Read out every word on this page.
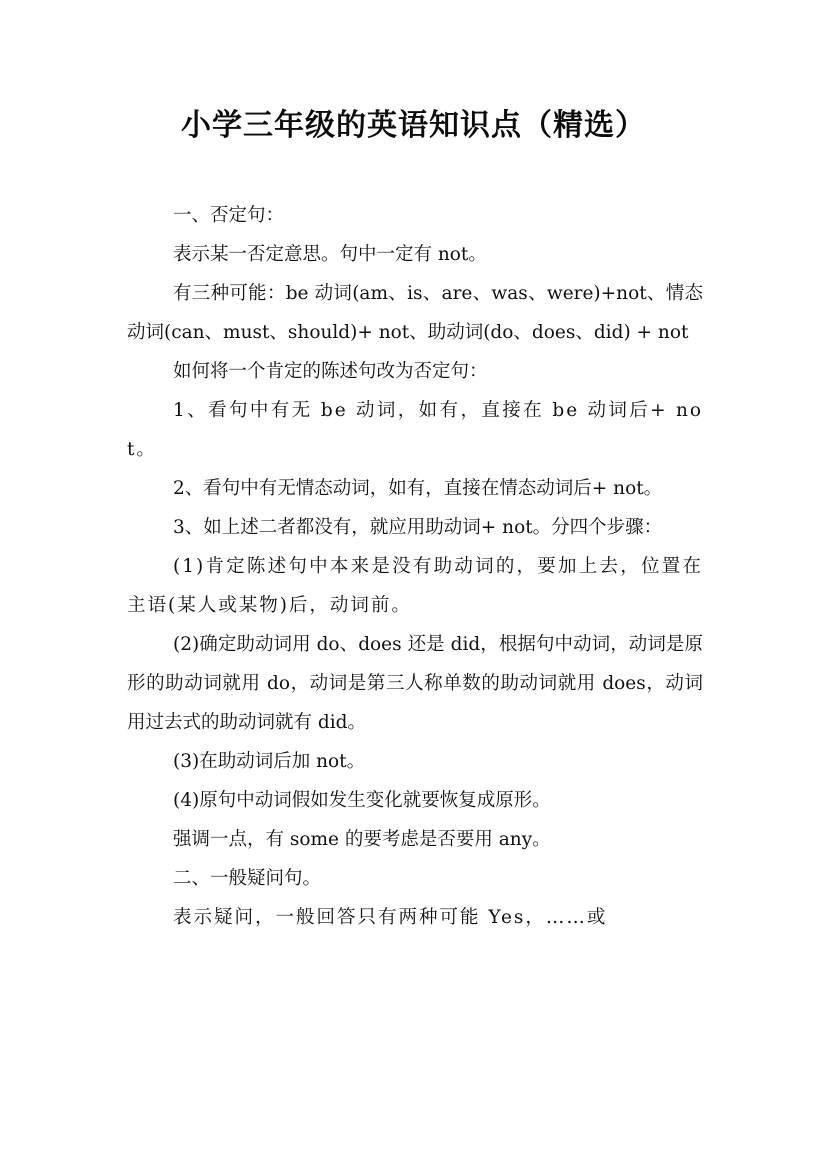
小学三年级的英语知识点（精选）

一、否定句：

表示某一否定意思。句中一定有 not。

有三种可能：be 动词(am、is、are、was、were)+not、情态动词(can、must、should)+ not、助动词(do、does、did) + not

如何将一个肯定的陈述句改为否定句：

1、看句中有无 be 动词，如有，直接在 be 动词后+ not。

2、看句中有无情态动词，如有，直接在情态动词后+ not。

3、如上述二者都没有，就应用助动词+ not。分四个步骤：

(1)肯定陈述句中本来是没有助动词的，要加上去，位置在主语(某人或某物)后，动词前。

(2)确定助动词用 do、does 还是 did，根据句中动词，动词是原形的助动词就用 do，动词是第三人称单数的助动词就用 does，动词用过去式的助动词就有 did。

(3)在助动词后加 not。

(4)原句中动词假如发生变化就要恢复成原形。

强调一点，有 some 的要考虑是否要用 any。

二、一般疑问句。

表示疑问，一般回答只有两种可能 Yes，……或
